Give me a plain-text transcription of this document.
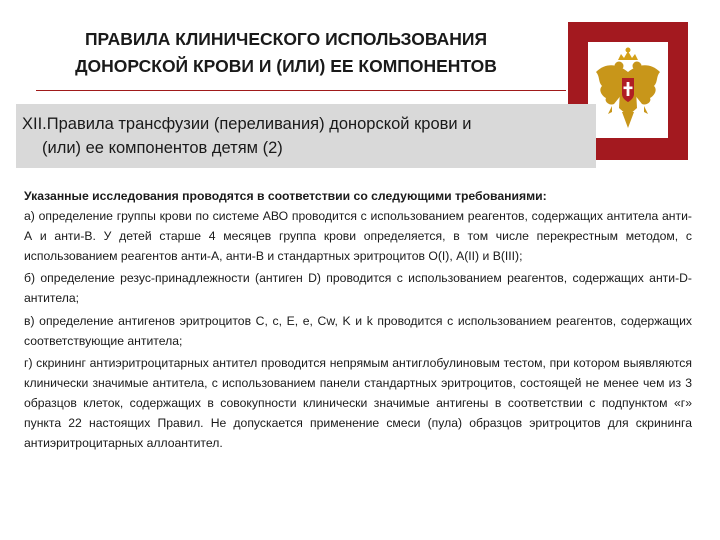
ПРАВИЛА КЛИНИЧЕСКОГО ИСПОЛЬЗОВАНИЯ
ДОНОРСКОЙ КРОВИ И (ИЛИ) ЕЕ КОМПОНЕНТОВ
XII.Правила трансфузии (переливания) донорской крови и
(или) ее компонентов детям (2)

Указанные исследования проводятся в соответствии со следующими требованиями:

а) определение группы крови по системе АВО проводится с использованием реагентов, содержащих антитела анти-А и анти-В. У детей старше 4 месяцев группа крови определяется, в том числе перекрестным методом, с использованием реагентов анти-А, анти-В и стандартных эритроцитов О(I), А(II) и В(III);

б) определение резус-принадлежности (антиген D) проводится с использованием реагентов, содержащих анти-D-антитела;

в) определение антигенов эритроцитов C, c, E, e, Cw, K и k проводится с использованием реагентов, содержащих соответствующие антитела;

г) скрининг антиэритроцитарных антител проводится непрямым антиглобулиновым тестом, при котором выявляются клинически значимые антитела, с использованием панели стандартных эритроцитов, состоящей не менее чем из 3 образцов клеток, содержащих в совокупности клинически значимые антигены в соответствии с подпунктом «г» пункта 22 настоящих Правил. Не допускается применение смеси (пула) образцов эритроцитов для скрининга антиэритроцитарных аллоантител.
